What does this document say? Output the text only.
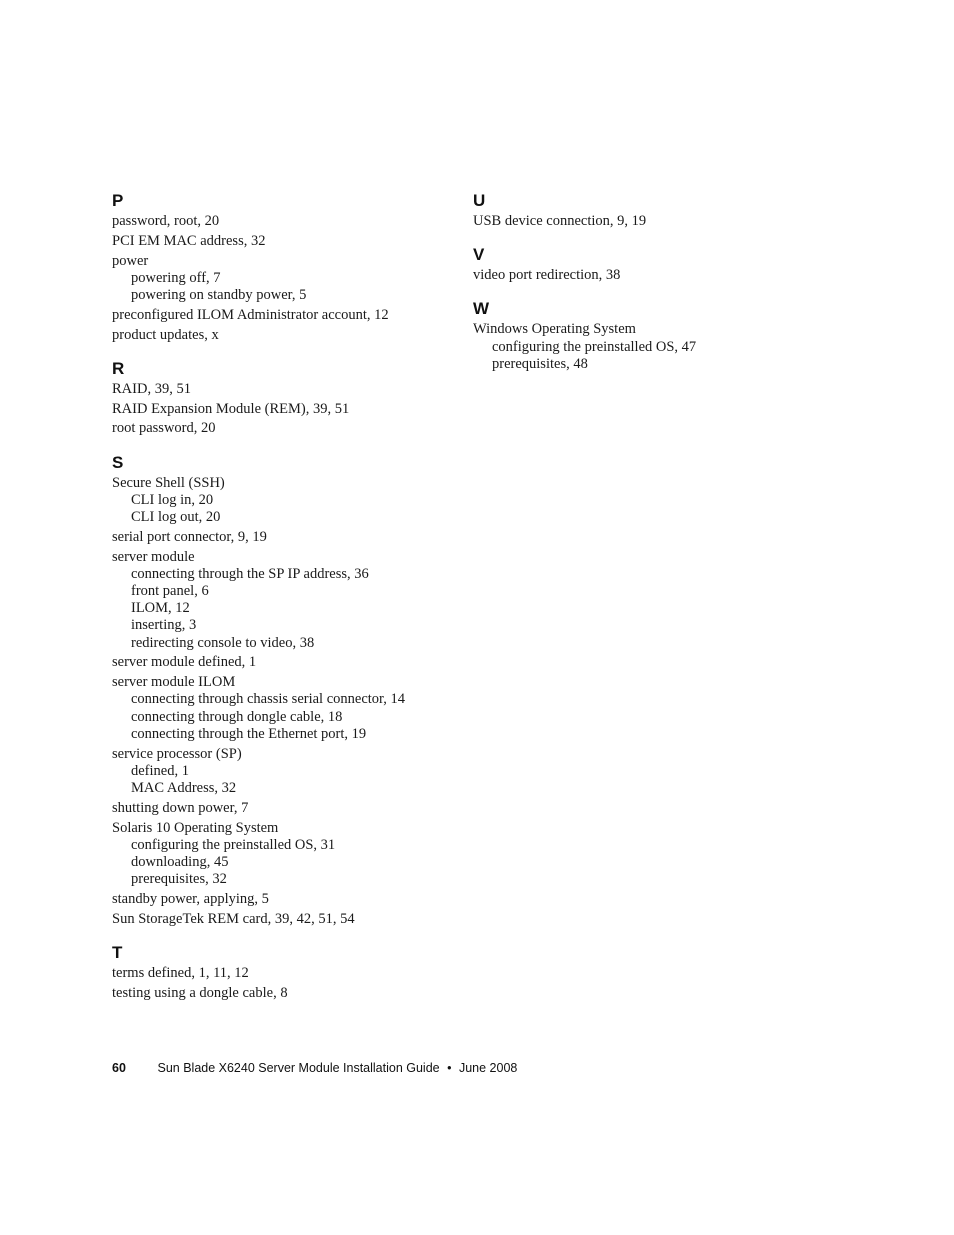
P
password, root, 20
PCI EM MAC address, 32
power
powering off, 7
powering on standby power, 5
preconfigured ILOM Administrator account, 12
product updates, x
R
RAID, 39, 51
RAID Expansion Module (REM), 39, 51
root password, 20
S
Secure Shell (SSH)
CLI log in, 20
CLI log out, 20
serial port connector, 9, 19
server module
connecting through the SP IP address, 36
front panel, 6
ILOM, 12
inserting, 3
redirecting console to video, 38
server module defined, 1
server module ILOM
connecting through chassis serial connector, 14
connecting through dongle cable, 18
connecting through the Ethernet port, 19
service processor (SP)
defined, 1
MAC Address, 32
shutting down power, 7
Solaris 10 Operating System
configuring the preinstalled OS, 31
downloading, 45
prerequisites, 32
standby power, applying, 5
Sun StorageTek REM card, 39, 42, 51, 54
T
terms defined, 1, 11, 12
testing using a dongle cable, 8
U
USB device connection, 9, 19
V
video port redirection, 38
W
Windows Operating System
configuring the preinstalled OS, 47
prerequisites, 48
60	Sun Blade X6240 Server Module Installation Guide • June 2008
